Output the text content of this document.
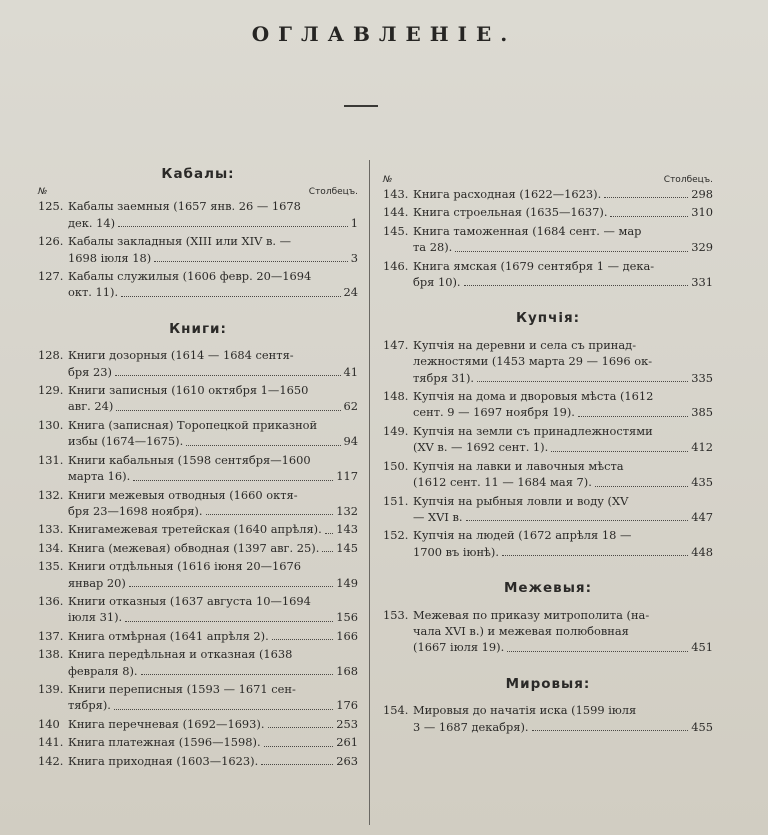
ОГЛАВЛЕНІЕ.
Кабалы:
№	Столбецъ.
125. Кабалы заемныя (1657 янв. 26 — 1678
дек. 14)	1
126. Кабалы закладныя (XIII или XIV в. —
1698 іюля 18)	3
127. Кабалы служилыя (1606 февр. 20—1694
окт. 11).	24
Книги:
128. Книги дозорныя (1614 — 1684 сентя-
бря 23)	41
129. Книги записныя (1610 октября 1—1650
авг. 24)	62
130. Книга (записная) Торопецкой приказной
избы (1674—1675).	94
131. Книги кабальныя (1598 сентября—1600
марта 16).	117
132. Книги межевыя отводныя (1660 октя-
бря 23—1698 ноября).	132
133. Книгамежевая третейская (1640 апрѣля). 143
134. Книга (межевая) обводная (1397 авг. 25). 145
135. Книги отдѣльныя (1616 іюня 20—1676
январ 20)	149
136. Книги отказныя (1637 августа 10—1694
іюля 31).	156
137. Книга отмѣрная (1641 апрѣля 2).	166
138. Книга передѣльная и отказная (1638
февраля 8).	168
139. Книги переписныя (1593 — 1671 сен-
тября).	176
140 Книга перечневая (1692—1693).	253
141. Книга платежная (1596—1598).	261
142. Книга приходная (1603—1623).	263
№	Столбецъ.
143. Книга расходная (1622—1623).	298
144. Книга строельная (1635—1637).	310
145. Книга таможенная (1684 сент. — мар
та 28).	329
146. Книга ямская (1679 сентября 1 — дека-
бря 10).	331
Купчія:
147. Купчія на деревни и села съ принад-
лежностями (1453 марта 29 — 1696 ок-
тября 31).	335
148. Купчія на дома и дворовыя мѣста (1612
сент. 9 — 1697 ноября 19).	385
149. Купчія на земли съ принадлежностями
(XV в. — 1692 сент. 1).	412
150. Купчія на лавки и лавочныя мѣста
(1612 сент. 11 — 1684 мая 7).	435
151. Купчія на рыбныя ловли и воду (XV
— XVI в.	447
152. Купчія на людей (1672 апрѣля 18 —
1700 въ іюнѣ).	448
Межевыя:
153. Межевая по приказу митрополита (на-
чала XVI в.) и межевая полюбовная
(1667 іюля 19).	451
Мировыя:
154. Мировыя до начатія иска (1599 іюля
3 — 1687 декабря).	455
